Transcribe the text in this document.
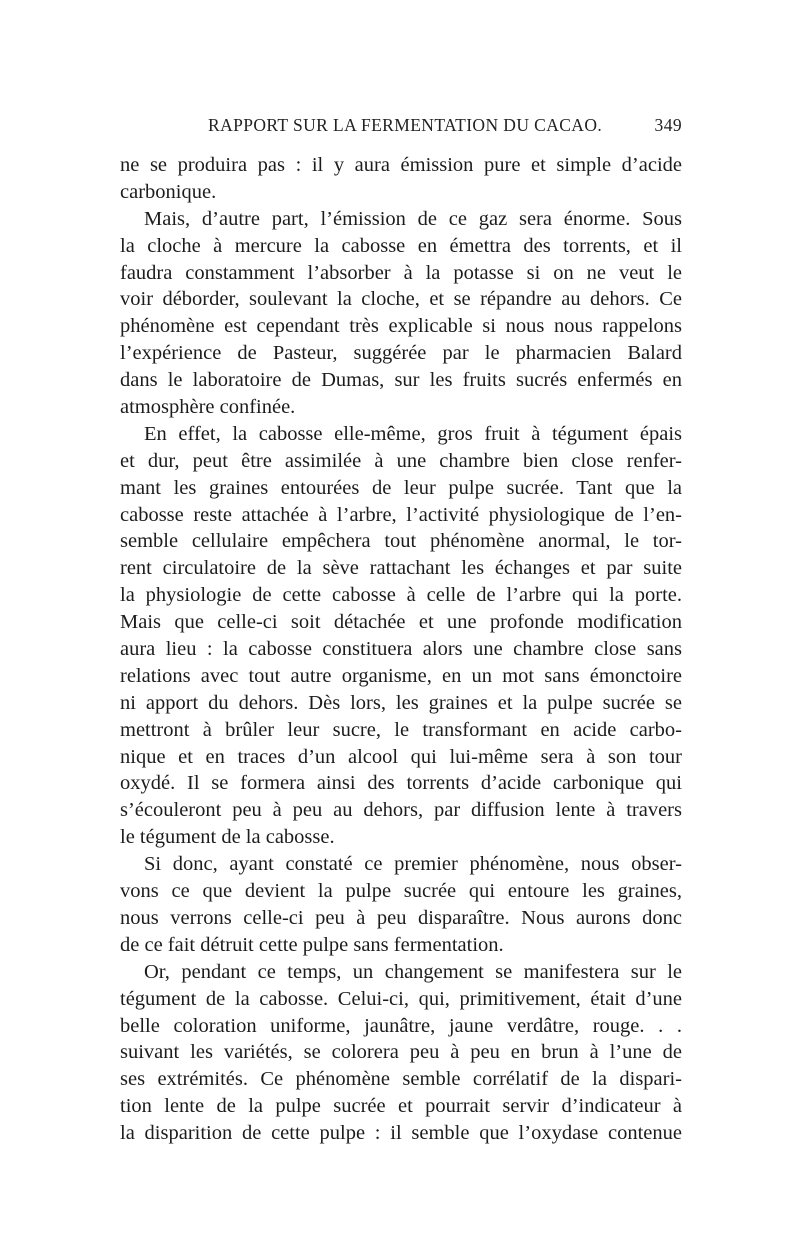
RAPPORT SUR LA FERMENTATION DU CACAO.	349
ne se produira pas : il y aura émission pure et simple d’acide
carbonique.
Mais, d’autre part, l’émission de ce gaz sera énorme. Sous
la cloche à mercure la cabosse en émettra des torrents, et il
faudra constamment l’absorber à la potasse si on ne veut le
voir déborder, soulevant la cloche, et se répandre au dehors. Ce
phénomène est cependant très explicable si nous nous rappelons
l’expérience de Pasteur, suggérée par le pharmacien Balard
dans le laboratoire de Dumas, sur les fruits sucrés enfermés en
atmosphère confinée.
En effet, la cabosse elle-même, gros fruit à tégument épais
et dur, peut être assimilée à une chambre bien close renfer-
mant les graines entourées de leur pulpe sucrée. Tant que la
cabosse reste attachée à l’arbre, l’activité physiologique de l’en-
semble cellulaire empêchera tout phénomène anormal, le tor-
rent circulatoire de la sève rattachant les échanges et par suite
la physiologie de cette cabosse à celle de l’arbre qui la porte.
Mais que celle-ci soit détachée et une profonde modification
aura lieu : la cabosse constituera alors une chambre close sans
relations avec tout autre organisme, en un mot sans émonctoire
ni apport du dehors. Dès lors, les graines et la pulpe sucrée se
mettront à brûler leur sucre, le transformant en acide carbo-
nique et en traces d’un alcool qui lui-même sera à son tour
oxydé. Il se formera ainsi des torrents d’acide carbonique qui
s’écouleront peu à peu au dehors, par diffusion lente à travers
le tégument de la cabosse.
Si donc, ayant constaté ce premier phénomène, nous obser-
vons ce que devient la pulpe sucrée qui entoure les graines,
nous verrons celle-ci peu à peu disparaître. Nous aurons donc
de ce fait détruit cette pulpe sans fermentation.
Or, pendant ce temps, un changement se manifestera sur le
tégument de la cabosse. Celui-ci, qui, primitivement, était d’une
belle coloration uniforme, jaunâtre, jaune verdâtre, rouge. . .
suivant les variétés, se colorera peu à peu en brun à l’une de
ses extrémités. Ce phénomène semble corrélatif de la dispari-
tion lente de la pulpe sucrée et pourrait servir d’indicateur à
la disparition de cette pulpe : il semble que l’oxydase contenue
